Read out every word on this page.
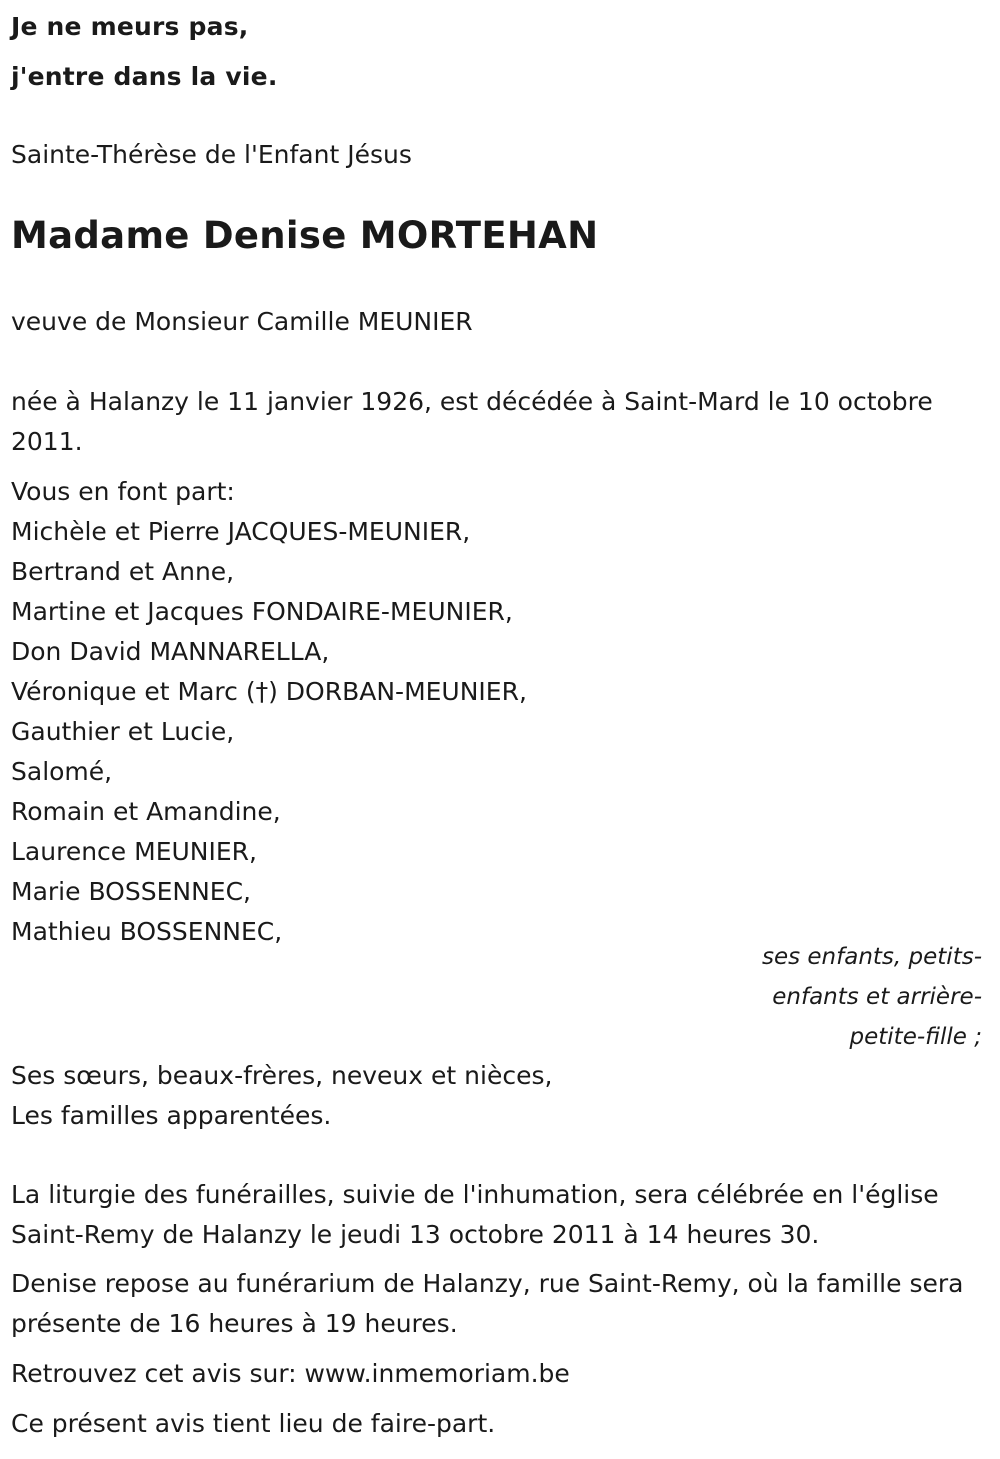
Je ne meurs pas,
j'entre dans la vie.
Sainte-Thérèse de l'Enfant Jésus
Madame Denise MORTEHAN
veuve de Monsieur Camille MEUNIER
née à Halanzy le 11 janvier 1926, est décédée à Saint-Mard le 10 octobre 2011.
Vous en font part:
Michèle et Pierre JACQUES-MEUNIER,
Bertrand et Anne,
Martine et Jacques FONDAIRE-MEUNIER,
Don David MANNARELLA,
Véronique et Marc (†) DORBAN-MEUNIER,
Gauthier et Lucie,
Salomé,
Romain et Amandine,
Laurence MEUNIER,
Marie BOSSENNEC,
Mathieu BOSSENNEC,
ses enfants, petits-
enfants et arrière-
petite-fille ;
Ses sœurs, beaux-frères, neveux et nièces,
Les familles apparentées.
La liturgie des funérailles, suivie de l'inhumation, sera célébrée en l'église Saint-Remy de Halanzy le jeudi 13 octobre 2011 à 14 heures 30.
Denise repose au funérarium de Halanzy, rue Saint-Remy, où la famille sera présente de 16 heures à 19 heures.
Retrouvez cet avis sur: www.inmemoriam.be
Ce présent avis tient lieu de faire-part.
